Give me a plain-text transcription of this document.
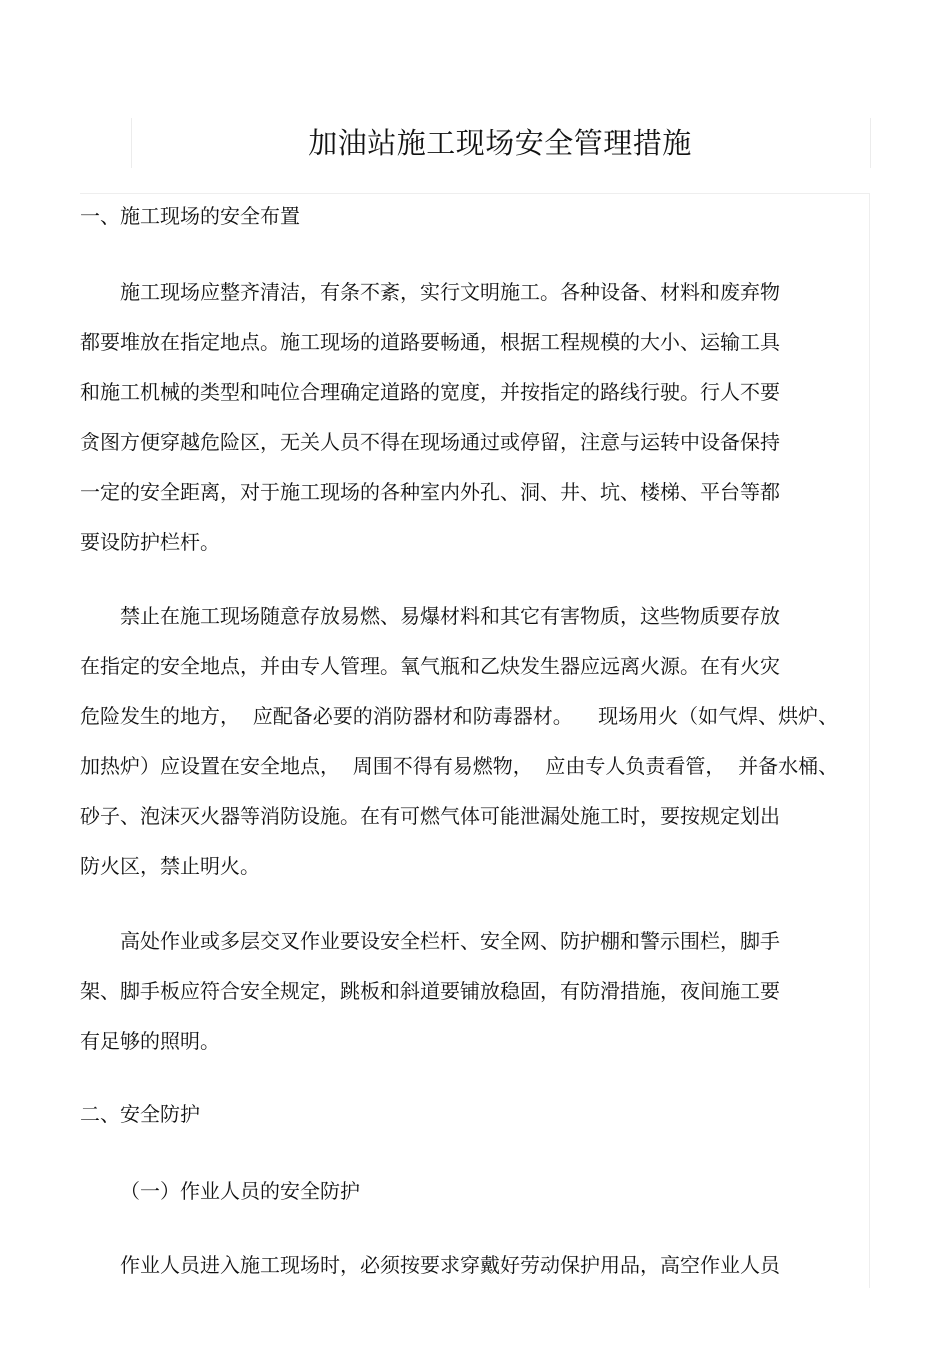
加油站施工现场安全管理措施
一、施工现场的安全布置
施工现场应整齐清洁，有条不紊，实行文明施工。各种设备、材料和废弃物
都要堆放在指定地点。施工现场的道路要畅通，根据工程规模的大小、运输工具
和施工机械的类型和吨位合理确定道路的宽度，并按指定的路线行驶。行人不要
贪图方便穿越危险区，无关人员不得在现场通过或停留，注意与运转中设备保持
一定的安全距离，对于施工现场的各种室内外孔、洞、井、坑、楼梯、平台等都
要设防护栏杆。
禁止在施工现场随意存放易燃、易爆材料和其它有害物质，这些物质要存放
在指定的安全地点，并由专人管理。氧气瓶和乙炔发生器应远离火源。在有火灾
危险发生的地方，  应配备必要的消防器材和防毒器材。    现场用火（如气焊、烘炉、
加热炉）应设置在安全地点，  周围不得有易燃物，  应由专人负责看管，  并备水桶、
砂子、泡沫灭火器等消防设施。在有可燃气体可能泄漏处施工时，要按规定划出
防火区，禁止明火。
高处作业或多层交叉作业要设安全栏杆、安全网、防护棚和警示围栏，脚手
架、脚手板应符合安全规定，跳板和斜道要铺放稳固，有防滑措施，夜间施工要
有足够的照明。
二、安全防护
（一）作业人员的安全防护
作业人员进入施工现场时，必须按要求穿戴好劳动保护用品，高空作业人员
